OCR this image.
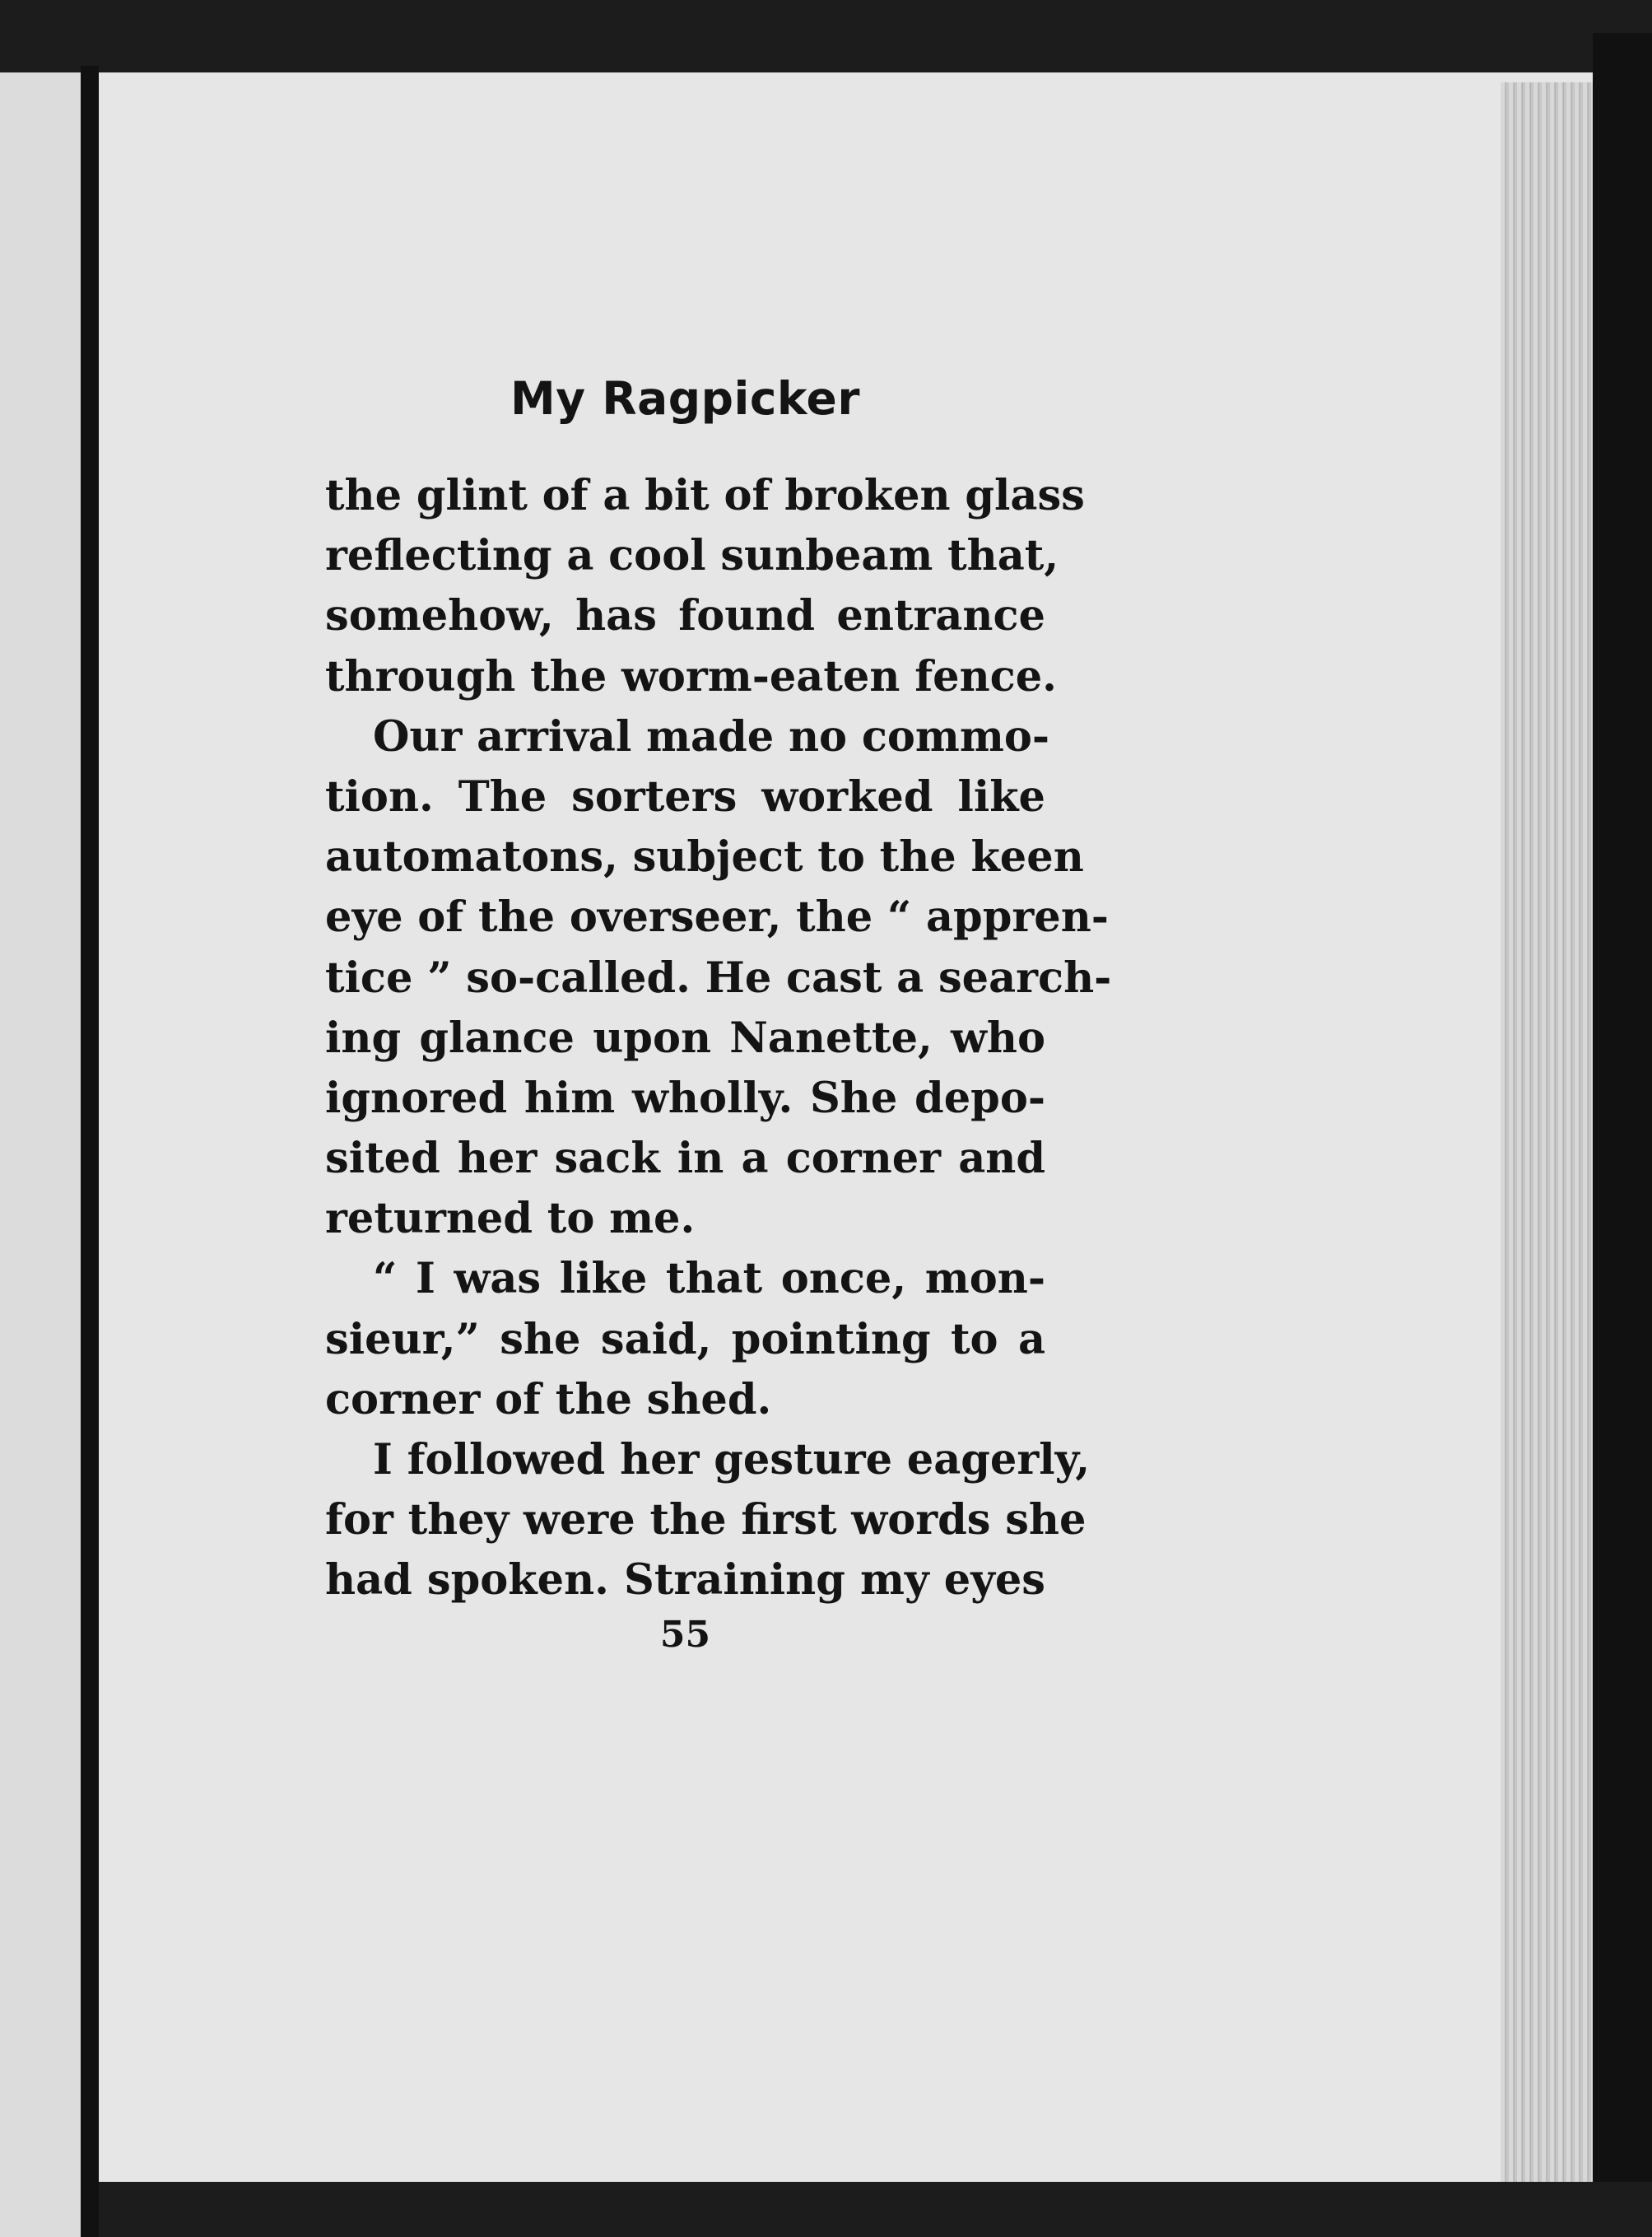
My Ragpicker
the glint of a bit of broken glass
reflecting a cool sunbeam that,
somehow, has found entrance
through the worm-eaten fence.
Our arrival made no commo-
tion. The sorters worked like
automatons, subject to the keen
eye of the overseer, the “ appren-
tice ” so-called. He cast a search-
ing glance upon Nanette, who
ignored him wholly. She depo-
sited her sack in a corner and
returned to me.
“ I was like that once, mon-
sieur,” she said, pointing to a
corner of the shed.
I followed her gesture eagerly,
for they were the first words she
had spoken. Straining my eyes

55
